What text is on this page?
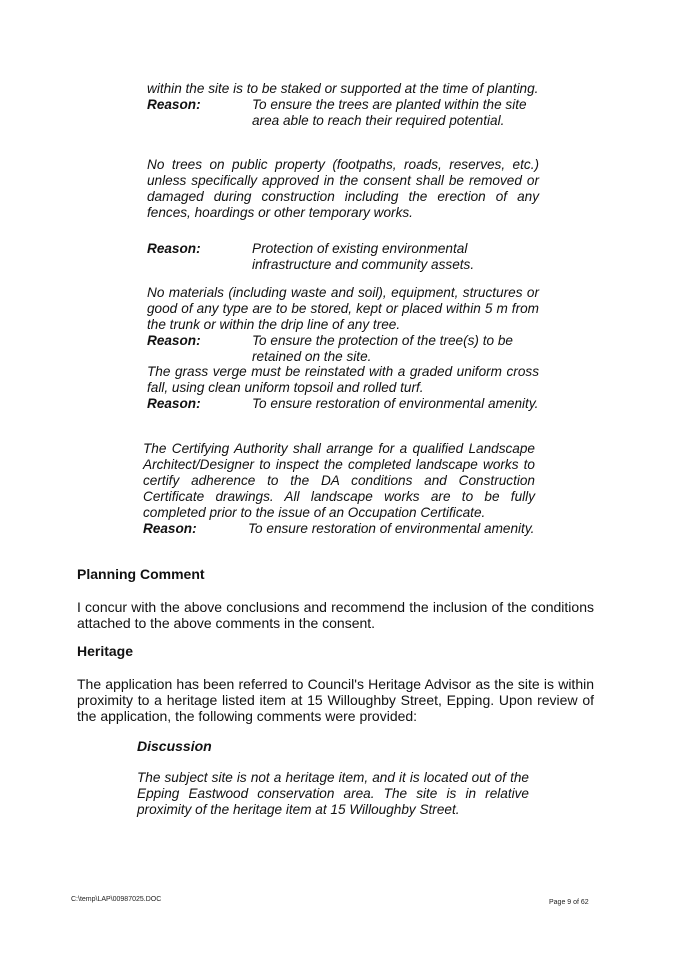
within the site is to be staked or supported at the time of planting.

Reason:	To ensure the trees are planted within the site area able to reach their required potential.

No trees on public property (footpaths, roads, reserves, etc.) unless specifically approved in the consent shall be removed or damaged during construction including the erection of any fences, hoardings or other temporary works.

Reason:	Protection of existing environmental infrastructure and community assets.

No materials (including waste and soil), equipment, structures or good of any type are to be stored, kept or placed within 5 m from the trunk or within the drip line of any tree.

Reason:	To ensure the protection of the tree(s) to be retained on the site.

The grass verge must be reinstated with a graded uniform cross fall, using clean uniform topsoil and rolled turf.

Reason:	To ensure restoration of environmental amenity.

The Certifying Authority shall arrange for a qualified Landscape Architect/Designer to inspect the completed landscape works to certify adherence to the DA conditions and Construction Certificate drawings. All landscape works are to be fully completed prior to the issue of an Occupation Certificate.

Reason:	To ensure restoration of environmental amenity.
Planning Comment

I concur with the above conclusions and recommend the inclusion of the conditions attached to the above comments in the consent.

Heritage

The application has been referred to Council's Heritage Advisor as the site is within proximity to a heritage listed item at 15 Willoughby Street, Epping. Upon review of the application, the following comments were provided:

Discussion

The subject site is not a heritage item, and it is located out of the Epping Eastwood conservation area. The site is in relative proximity of the heritage item at 15 Willoughby Street.

C:\temp\LAP\00987025.DOC	Page 9 of 62
